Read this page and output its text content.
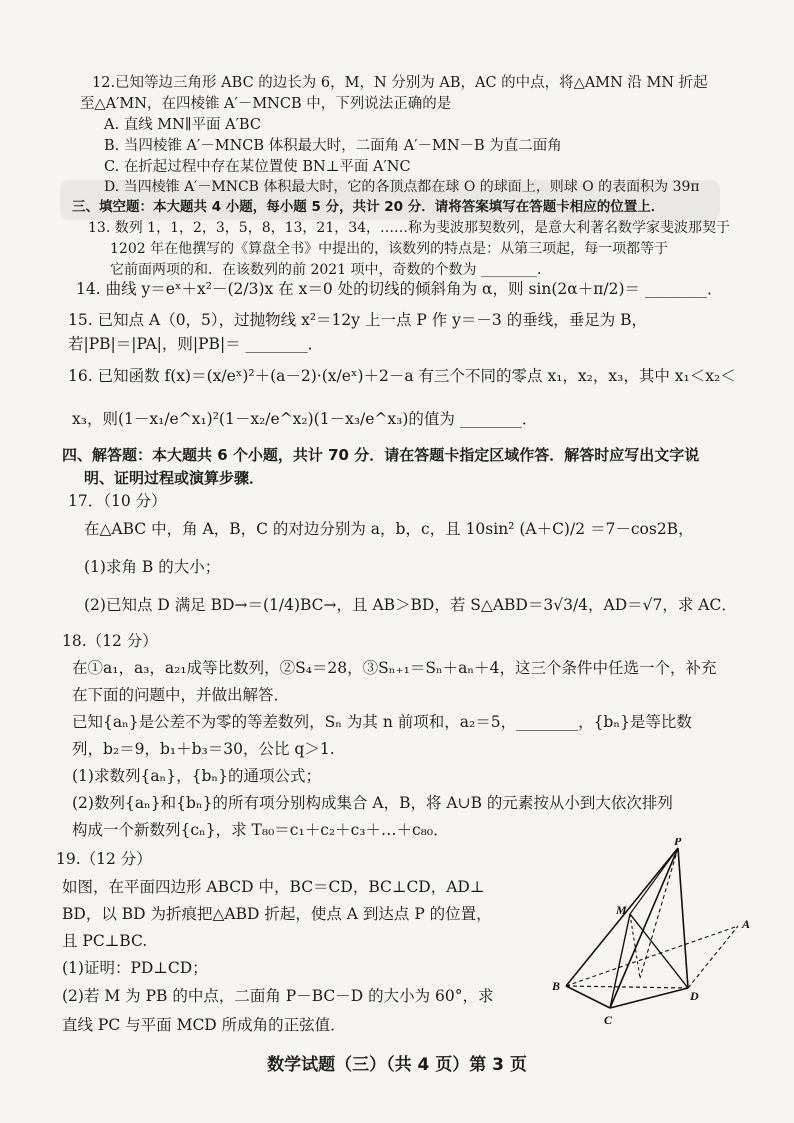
12.已知等边三角形 ABC 的边长为 6，M，N 分别为 AB，AC 的中点，将△AMN 沿 MN 折起
至△A′MN，在四棱锥 A′－MNCB 中，下列说法正确的是
A. 直线 MN∥平面 A′BC
B. 当四棱锥 A′－MNCB 体积最大时，二面角 A′－MN－B 为直二面角
C. 在折起过程中存在某位置使 BN⊥平面 A′NC
D. 当四棱锥 A′－MNCB 体积最大时，它的各顶点都在球 O 的球面上，则球 O 的表面积为 39π
三、填空题：本大题共 4 小题，每小题 5 分，共计 20 分．请将答案填写在答题卡相应的位置上．
13. 数列 1，1，2，3，5，8，13，21，34，……称为斐波那契数列，是意大利著名数学家斐波那契于
1202 年在他撰写的《算盘全书》中提出的，该数列的特点是：从第三项起，每一项都等于
它前面两项的和．在该数列的前 2021 项中，奇数的个数为 ________．
14. 曲线 y＝eˣ＋x²－(2/3)x 在 x＝0 处的切线的倾斜角为 α，则 sin(2α＋π/2)＝ ________．
15. 已知点 A（0，5），过抛物线 x²＝12y 上一点 P 作 y＝－3 的垂线，垂足为 B，
若|PB|＝|PA|，则|PB|＝ ________．
16. 已知函数 f(x)＝(x/eˣ)²＋(a－2)·(x/eˣ)＋2－a 有三个不同的零点 x₁，x₂，x₃，其中 x₁＜x₂＜
x₃，则(1－x₁/e^x₁)²(1－x₂/e^x₂)(1－x₃/e^x₃)的值为 ________．
四、解答题：本大题共 6 个小题，共计 70 分．请在答题卡指定区域作答．解答时应写出文字说
明、证明过程或演算步骤．
17．（10 分）
在△ABC 中，角 A，B，C 的对边分别为 a，b，c，且 10sin² (A＋C)/2 ＝7－cos2B，
(1)求角 B 的大小；
(2)已知点 D 满足 BD→＝(1/4)BC→，且 AB＞BD，若 S△ABD＝3√3/4，AD＝√7，求 AC．
18.（12 分）
在①a₁，a₃，a₂₁成等比数列，②S₄＝28，③Sₙ₊₁＝Sₙ＋aₙ＋4，这三个条件中任选一个，补充
在下面的问题中，并做出解答．
已知{aₙ}是公差不为零的等差数列，Sₙ 为其 n 前项和，a₂＝5，________，{bₙ}是等比数
列，b₂＝9，b₁＋b₃＝30，公比 q＞1.
(1)求数列{aₙ}，{bₙ}的通项公式；
(2)数列{aₙ}和{bₙ}的所有项分别构成集合 A，B，将 A∪B 的元素按从小到大依次排列
构成一个新数列{cₙ}，求 T₈₀＝c₁＋c₂＋c₃＋…＋c₈₀．
19.（12 分）
如图，在平面四边形 ABCD 中，BC＝CD，BC⊥CD，AD⊥
BD，以 BD 为折痕把△ABD 折起，使点 A 到达点 P 的位置，
且 PC⊥BC.
(1)证明：PD⊥CD；
(2)若 M 为 PB 的中点，二面角 P－BC－D 的大小为 60°，求
直线 PC 与平面 MCD 所成角的正弦值．
P
M
A
B
C
D
数学试题（三）（共 4 页）第 3 页
